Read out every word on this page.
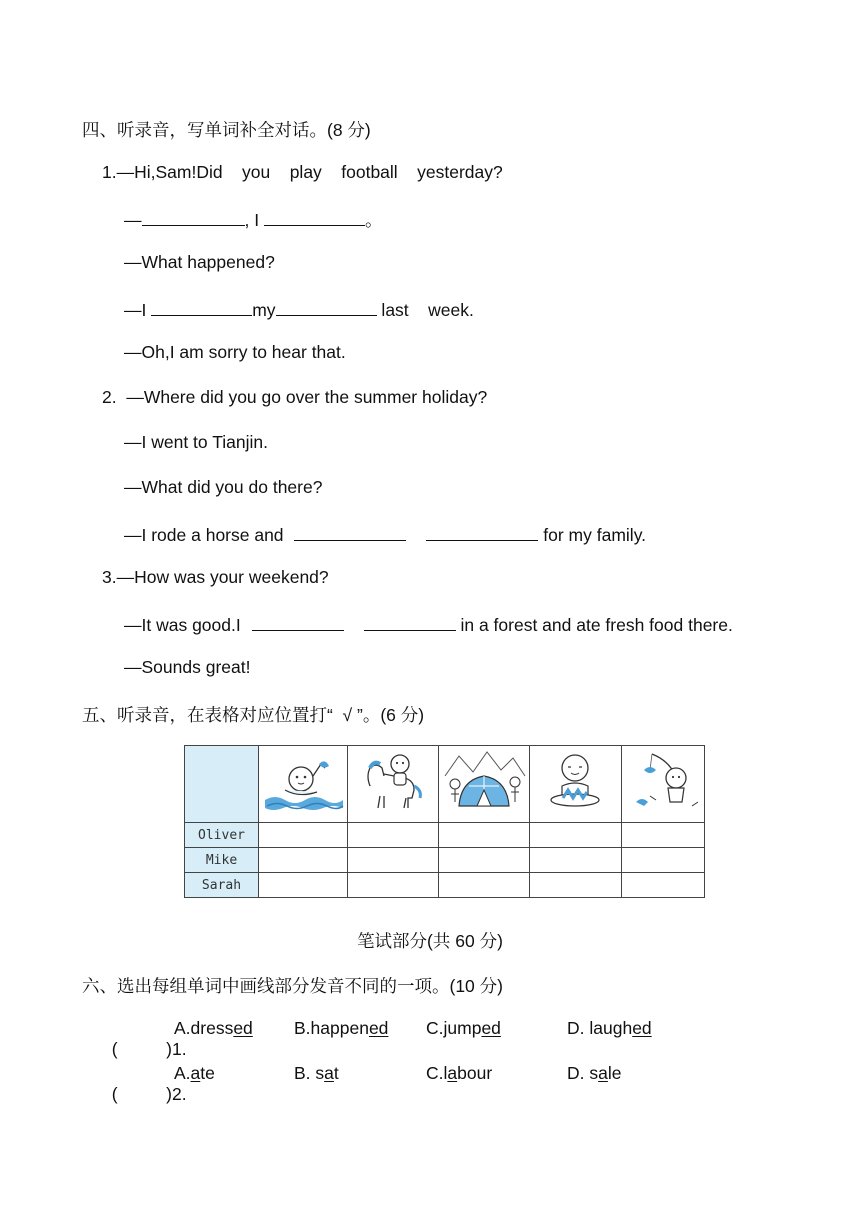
四、听录音，写单词补全对话。(8 分)
1.—Hi,Sam!Did    you    play    football    yesterday?
—	, I	。
—What happened?
—I	my	last    week.
—Oh,I am sorry to hear that.
2.  —Where did you go over the summer holiday?
—I went to Tianjin.
—What did you do there?
—I rode a horse and	for my family.
3.—How was your weekend?
—It was good.I	in a forest and ate fresh food there.
—Sounds great!
五、听录音，在表格对应位置打“  √ ”。(6 分)

Oliver					
Mike					
Sarah					
笔试部分(共 60 分)
六、选出每组单词中画线部分发音不同的一项。(10 分)

(          )1.

A.dressed B.happened C.jumped	D. laughed

(          )2.

A.ate	B. sat	C.labour	D. sale
